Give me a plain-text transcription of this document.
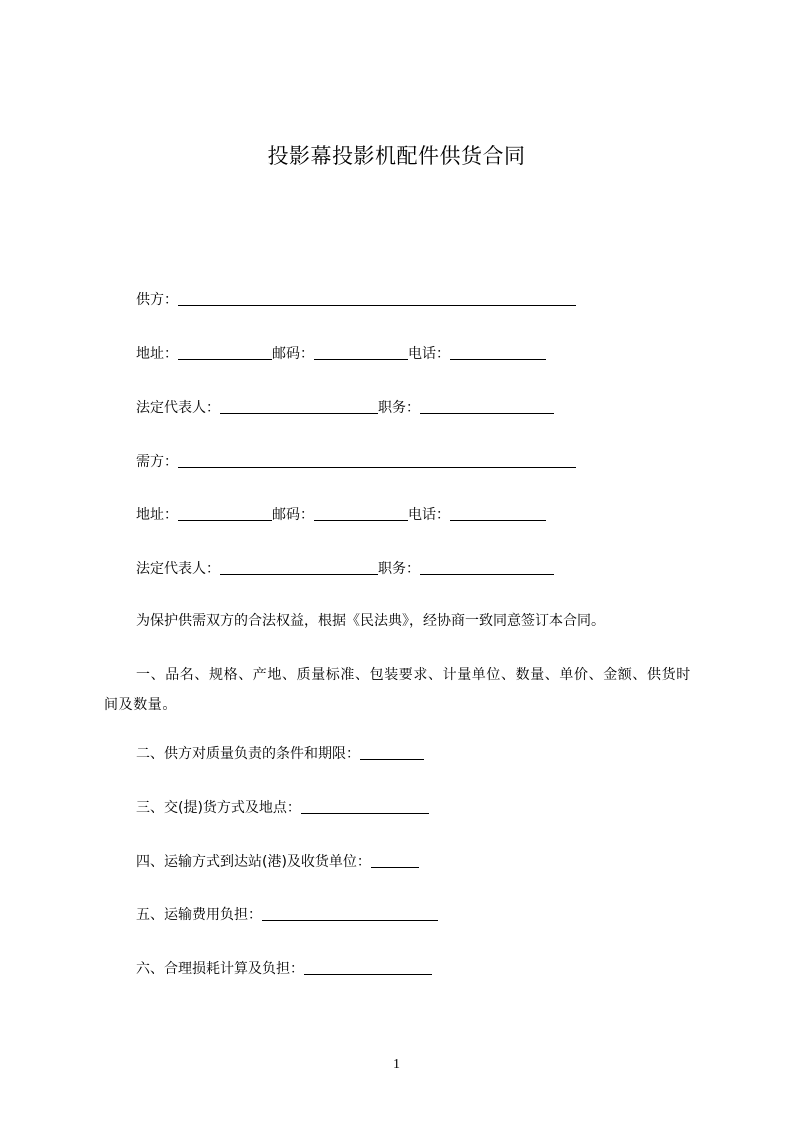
投影幕投影机配件供货合同
供方：
地址：	邮码：	电话：
法定代表人：	职务：
需方：
地址：	邮码：	电话：
法定代表人：	职务：
为保护供需双方的合法权益，根据《民法典》，经协商一致同意签订本合同。
一、品名、规格、产地、质量标准、包装要求、计量单位、数量、单价、金额、供货时间及数量。
二、供方对质量负责的条件和期限：
三、交(提)货方式及地点：
四、运输方式到达站(港)及收货单位：
五、运输费用负担：
六、合理损耗计算及负担：
1
